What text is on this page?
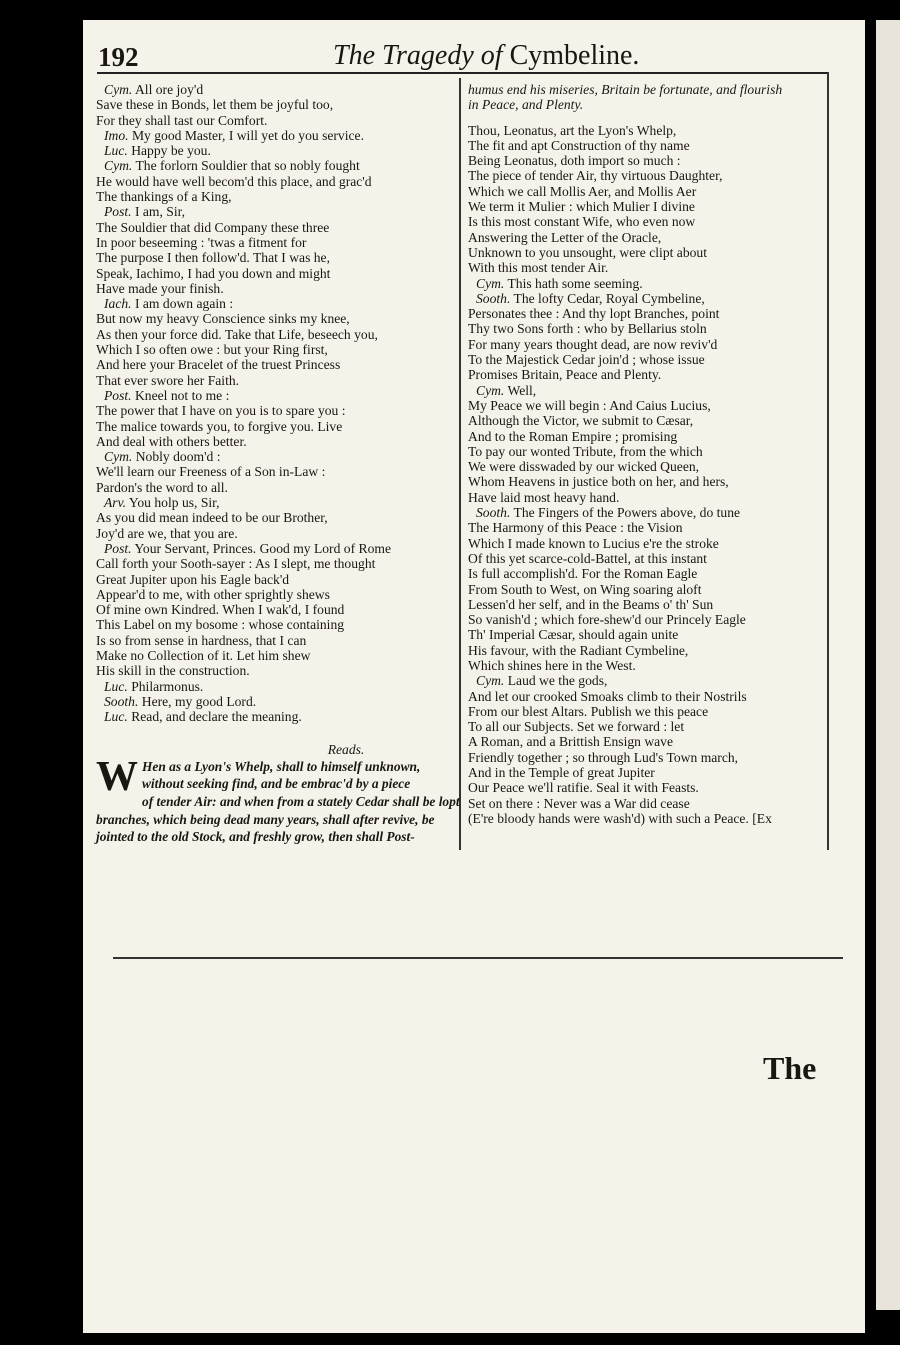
192	The Tragedy of Cymbeline.
Cym. All ore joy'd
Save these in Bonds, let them be joyful too,
For they shall tast our Comfort.
Imo. My good Master, I will yet do you service.
Luc. Happy be you.
Cym. The forlorn Souldier that so nobly fought
He would have well becom'd this place, and grac'd
The thankings of a King,
Post. I am, Sir,
The Souldier that did Company these three
In poor beseeming : 'twas a fitment for
The purpose I then follow'd. That I was he,
Speak, Iachimo, I had you down and might
Have made your finish.
Iach. I am down again :
But now my heavy Conscience sinks my knee,
As then your force did. Take that Life, beseech you,
Which I so often owe : but your Ring first,
And here your Bracelet of the truest Princess
That ever swore her Faith.
Post. Kneel not to me :
The power that I have on you is to spare you :
The malice towards you, to forgive you. Live
And deal with others better.
Cym. Nobly doom'd :
We'll learn our Freeness of a Son in-Law :
Pardon's the word to all.
Arv. You holp us, Sir,
As you did mean indeed to be our Brother,
Joy'd are we, that you are.
Post. Your Servant, Princes. Good my Lord of Rome
Call forth your Sooth-sayer : As I slept, me thought
Great Jupiter upon his Eagle back'd
Appear'd to me, with other sprightly shews
Of mine own Kindred. When I wak'd, I found
This Label on my bosome : whose containing
Is so from sense in hardness, that I can
Make no Collection of it. Let him shew
His skill in the construction.
Luc. Philarmonus.
Sooth. Here, my good Lord.
Luc. Read, and declare the meaning.
Reads.
W Hen as a Lyon's Whelp, shall to himself unknown,
without seeking find, and be embrac'd by a piece
of tender Air: and when from a stately Cedar shall be lopt
branches, which being dead many years, shall after revive, be
jointed to the old Stock, and freshly grow, then shall Post-
humus end his miseries, Britain be fortunate, and flourish
in Peace, and Plenty.
Thou, Leonatus, art the Lyon's Whelp,
The fit and apt Construction of thy name
Being Leonatus, doth import so much :
The piece of tender Air, thy virtuous Daughter,
Which we call Mollis Aer, and Mollis Aer
We term it Mulier : which Mulier I divine
Is this most constant Wife, who even now
Answering the Letter of the Oracle,
Unknown to you unsought, were clipt about
With this most tender Air.
Cym. This hath some seeming.
Sooth. The lofty Cedar, Royal Cymbeline,
Personates thee : And thy lopt Branches, point
Thy two Sons forth : who by Bellarius stoln
For many years thought dead, are now reviv'd
To the Majestick Cedar join'd ; whose issue
Promises Britain, Peace and Plenty.
Cym. Well,
My Peace we will begin : And Caius Lucius,
Although the Victor, we submit to Cæsar,
And to the Roman Empire ; promising
To pay our wonted Tribute, from the which
We were disswaded by our wicked Queen,
Whom Heavens in justice both on her, and hers,
Have laid most heavy hand.
Sooth. The Fingers of the Powers above, do tune
The Harmony of this Peace : the Vision
Which I made known to Lucius e're the stroke
Of this yet scarce-cold-Battel, at this instant
Is full accomplish'd. For the Roman Eagle
From South to West, on Wing soaring aloft
Lessen'd her self, and in the Beams o' th' Sun
So vanish'd ; which fore-shew'd our Princely Eagle
Th' Imperial Cæsar, should again unite
His favour, with the Radiant Cymbeline,
Which shines here in the West.
Cym. Laud we the gods,
And let our crooked Smoaks climb to their Nostrils
From our blest Altars. Publish we this peace
To all our Subjects. Set we forward : let
A Roman, and a Brittish Ensign wave
Friendly together ; so through Lud's Town march,
And in the Temple of great Jupiter
Our Peace we'll ratifie. Seal it with Feasts.
Set on there : Never was a War did cease
(E're bloody hands were wash'd) with such a Peace. [Ex
The
